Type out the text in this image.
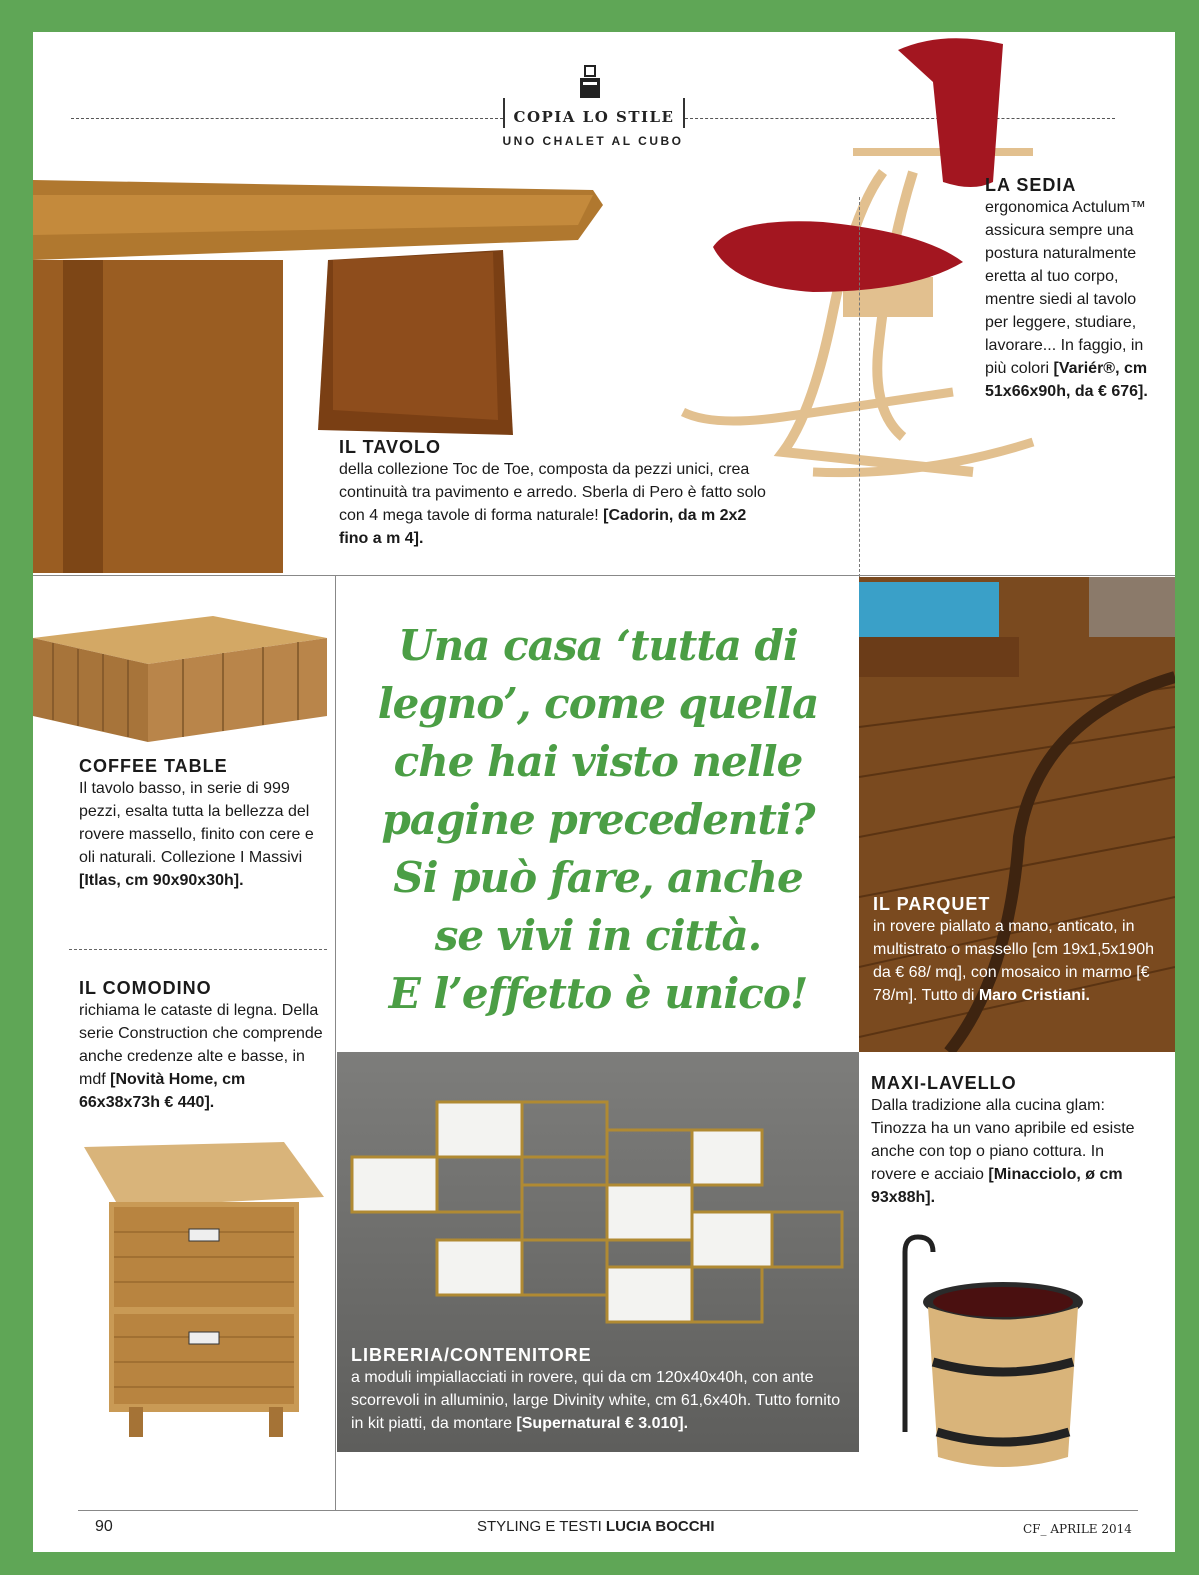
COPIA LO STILE
UNO CHALET AL CUBO
IL TAVOLO
della collezione Toc de Toe, composta da pezzi unici, crea continuità tra pavimento e arredo. Sberla di Pero è fatto solo con 4 mega tavole di forma naturale! [Cadorin, da m 2x2 fino a m 4].
LA SEDIA
ergonomica Actulum™ assicura sempre una postura naturalmente eretta al tuo corpo, mentre siedi al tavolo per leggere, studiare, lavorare... In faggio, in più colori [Variér®, cm 51x66x90h, da € 676].
COFFEE TABLE
Il tavolo basso, in serie di 999 pezzi, esalta tutta la bellezza del rovere massello, finito con cere e oli naturali. Collezione I Massivi [Itlas, cm 90x90x30h].
IL COMODINO
richiama le cataste di legna. Della serie Construction che comprende anche credenze alte e basse, in mdf [Novità Home, cm 66x38x73h € 440].
Una casa ‘tutta di
legno’, come quella
che hai visto nelle
pagine precedenti?
Si può fare, anche
se vivi in città.
E l’effetto è unico!
IL PARQUET
in rovere piallato a mano, anticato, in multistrato o massello [cm 19x1,5x190h da € 68/ mq], con mosaico in marmo [€ 78/m]. Tutto di Maro Cristiani.
LIBRERIA/CONTENITORE
a moduli impiallacciati in rovere, qui da cm 120x40x40h, con ante scorrevoli in alluminio, large Divinity white, cm 61,6x40h. Tutto fornito in kit piatti, da montare [Supernatural € 3.010].
MAXI-LAVELLO
Dalla tradizione alla cucina glam: Tinozza ha un vano apribile ed esiste anche con top o piano cottura. In rovere e acciaio [Minacciolo, ø cm 93x88h].
90	STYLING E TESTI LUCIA BOCCHI	CF_ APRILE 2014
